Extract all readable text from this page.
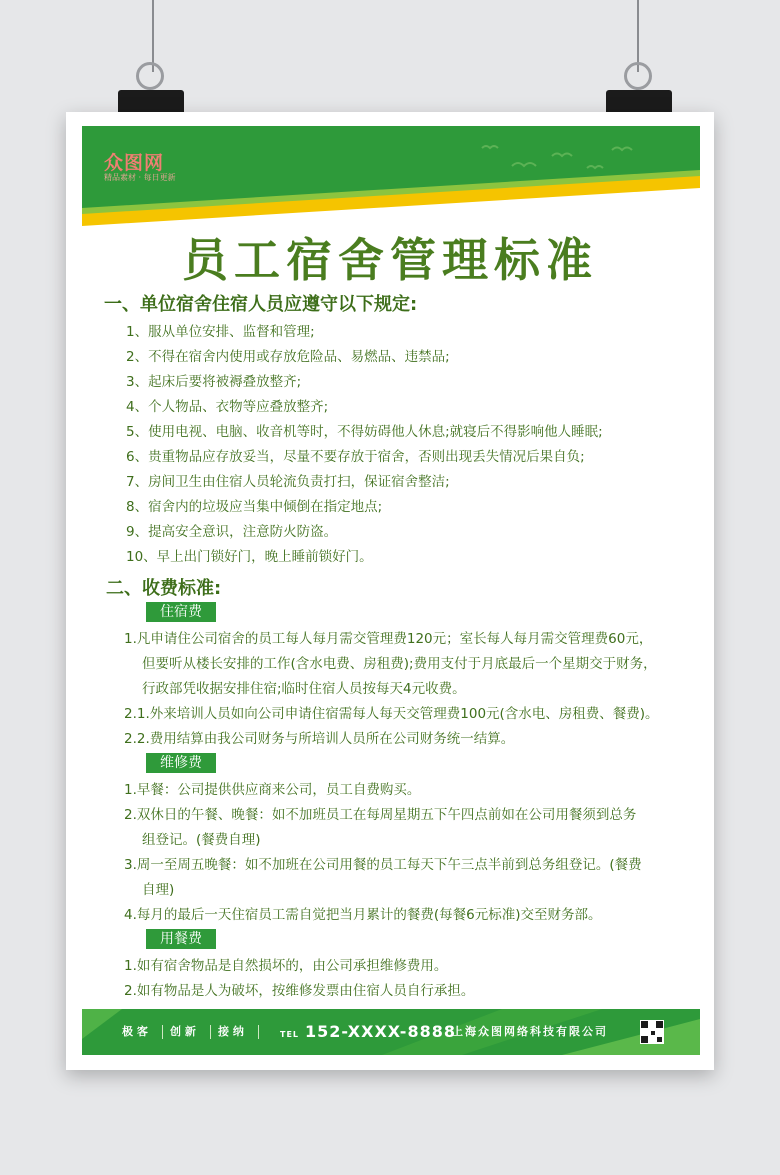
众图网
精品素材 · 每日更新
员工宿舍管理标准
一、单位宿舍住宿人员应遵守以下规定:
1、服从单位安排、监督和管理;
2、不得在宿舍内使用或存放危险品、易燃品、违禁品;
3、起床后要将被褥叠放整齐;
4、个人物品、衣物等应叠放整齐;
5、使用电视、电脑、收音机等时，不得妨碍他人休息;就寝后不得影响他人睡眠;
6、贵重物品应存放妥当，尽量不要存放于宿舍，否则出现丢失情况后果自负;
7、房间卫生由住宿人员轮流负责打扫，保证宿舍整洁;
8、宿舍内的垃圾应当集中倾倒在指定地点;
9、提高安全意识，注意防火防盗。
10、早上出门锁好门，晚上睡前锁好门。
二、收费标准:
住宿费
1.凡申请住公司宿舍的员工每人每月需交管理费120元；室长每人每月需交管理费60元，
但要听从楼长安排的工作(含水电费、房租费);费用支付于月底最后一个星期交于财务，
行政部凭收据安排住宿;临时住宿人员按每天4元收费。
2.1.外来培训人员如向公司申请住宿需每人每天交管理费100元(含水电、房租费、餐费)。
2.2.费用结算由我公司财务与所培训人员所在公司财务统一结算。
维修费
1.早餐：公司提供供应商来公司，员工自费购买。
2.双休日的午餐、晚餐：如不加班员工在每周星期五下午四点前如在公司用餐须到总务
组登记。(餐费自理)
3.周一至周五晚餐：如不加班在公司用餐的员工每天下午三点半前到总务组登记。(餐费
自理)
4.每月的最后一天住宿员工需自觉把当月累计的餐费(每餐6元标准)交至财务部。
用餐费
1.如有宿舍物品是自然损坏的，由公司承担维修费用。
2.如有物品是人为破坏，按维修发票由住宿人员自行承担。
极 客 创 新 接 纳	TEL 152-XXXX-8888
上海众图网络科技有限公司
